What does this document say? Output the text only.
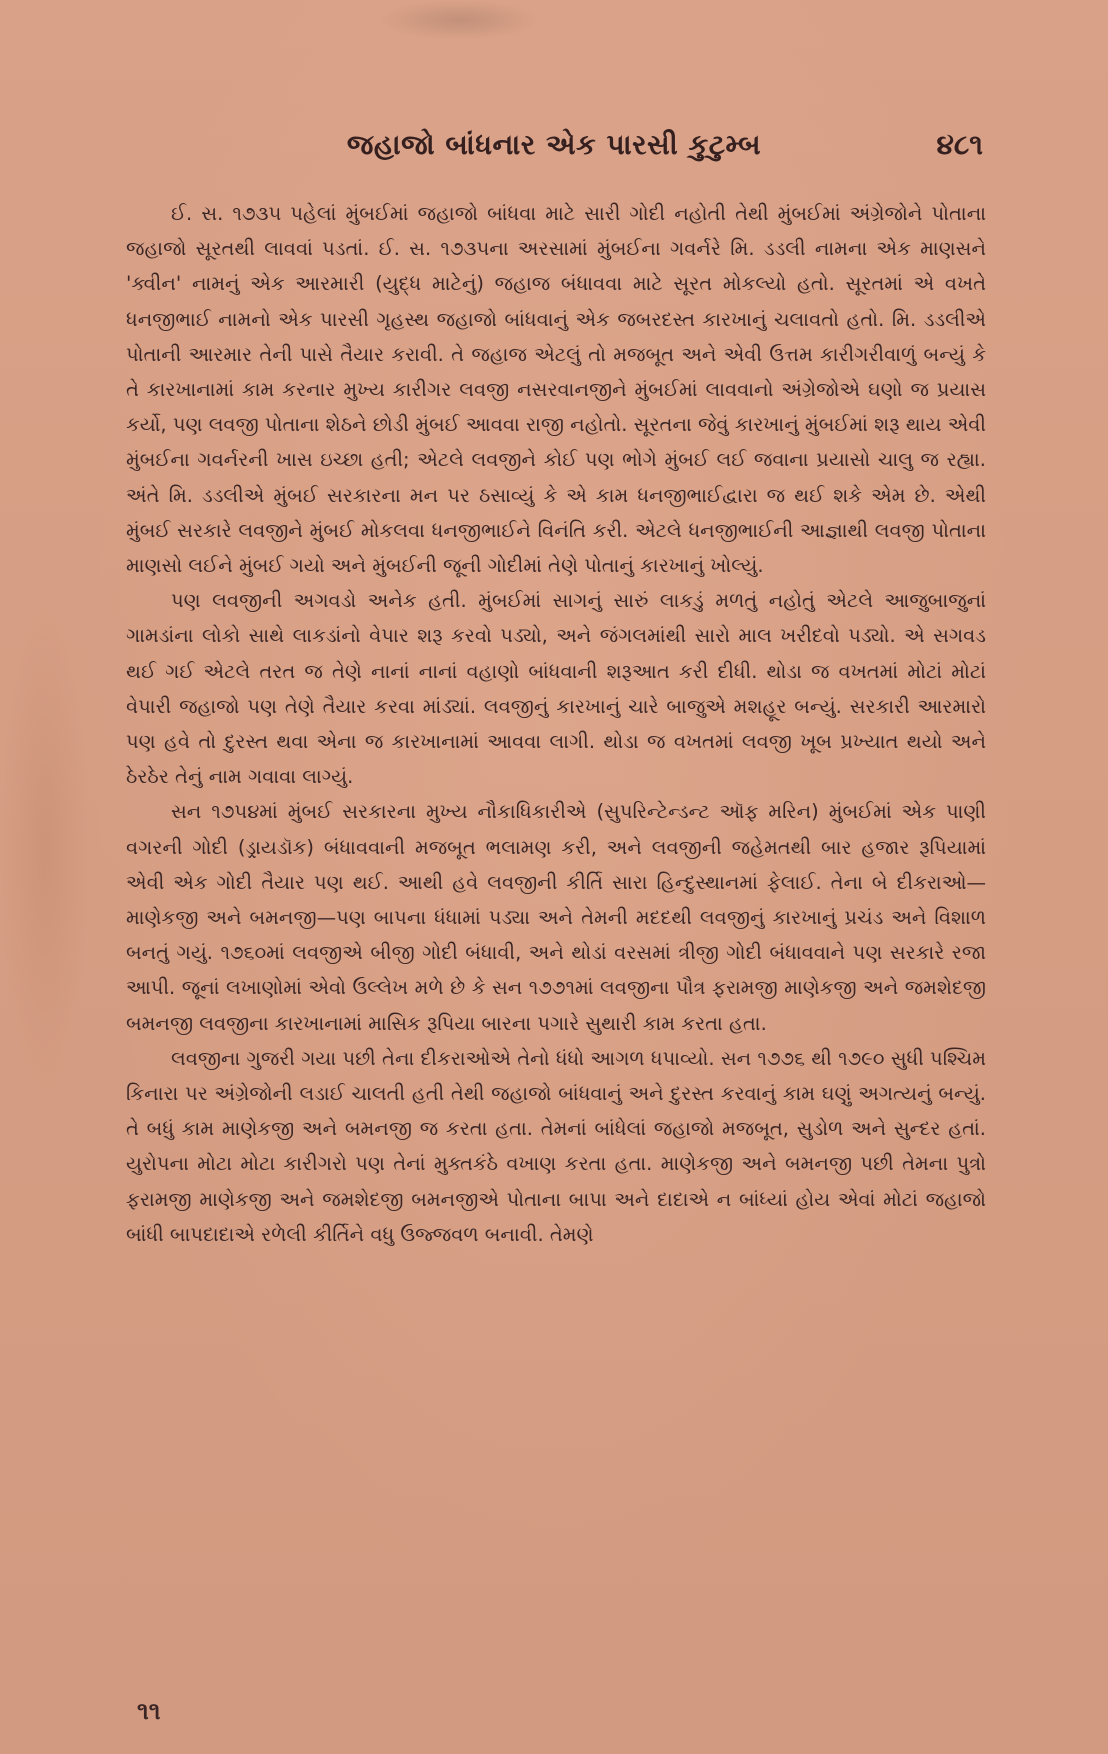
જહાજો બાંધનાર એક પારસી કુટુમ્બ	૪૮૧

ઈ. સ. ૧૭૩૫ પહેલાં મુંબઈમાં જહાજો બાંધવા માટે સારી ગોદી નહોતી તેથી મુંબઈમાં અંગ્રેજોને પોતાના જહાજો સૂરતથી લાવવાં પડતાં. ઈ. સ. ૧૭૩૫ના અરસામાં મુંબઈના ગવર્નરે મિ. ડડલી નામના એક માણસને 'ક્વીન' નામનું એક આરમારી (યુદ્ધ માટેનું) જહાજ બંધાવવા માટે સૂરત મોકલ્યો હતો. સૂરતમાં એ વખતે ધનજીભાઈ નામનો એક પારસી ગૃહસ્થ જહાજો બાંધવાનું એક જબરદસ્ત કારખાનું ચલાવતો હતો. મિ. ડડલીએ પોતાની આરમાર તેની પાસે તૈયાર કરાવી. તે જહાજ એટલું તો મજબૂત અને એવી ઉત્તમ કારીગરીવાળું બન્યું કે તે કારખાનામાં કામ કરનાર મુખ્ય કારીગર લવજી નસરવાનજીને મુંબઈમાં લાવવાનો અંગ્રેજોએ ઘણો જ પ્રયાસ કર્યો, પણ લવજી પોતાના શેઠને છોડી મુંબઈ આવવા રાજી નહોતો. સૂરતના જેવું કારખાનું મુંબઈમાં શરૂ થાય એવી મુંબઈના ગવર્નરની ખાસ ઇચ્છા હતી; એટલે લવજીને કોઈ પણ ભોગે મુંબઈ લઈ જવાના પ્રયાસો ચાલુ જ રહ્યા. અંતે મિ. ડડલીએ મુંબઈ સરકારના મન પર ઠસાવ્યું કે એ કામ ધનજીભાઈદ્વારા જ થઈ શકે એમ છે. એથી મુંબઈ સરકારે લવજીને મુંબઈ મોકલવા ધનજીભાઈને વિનંતિ કરી. એટલે ધનજીભાઈની આજ્ઞાથી લવજી પોતાના માણસો લઈને મુંબઈ ગયો અને મુંબઈની જૂની ગોદીમાં તેણે પોતાનું કારખાનું ખોલ્યું.

પણ લવજીની અગવડો અનેક હતી. મુંબઈમાં સાગનું સારું લાકડું મળતું નહોતું એટલે આજુબાજુનાં ગામડાંના લોકો સાથે લાકડાંનો વેપાર શરૂ કરવો પડ્યો, અને જંગલમાંથી સારો માલ ખરીદવો પડ્યો. એ સગવડ થઈ ગઈ એટલે તરત જ તેણે નાનાં નાનાં વહાણો બાંધવાની શરૂઆત કરી દીધી. થોડા જ વખતમાં મોટાં મોટાં વેપારી જહાજો પણ તેણે તૈયાર કરવા માંડ્યાં. લવજીનું કારખાનું ચારે બાજુએ મશહૂર બન્યું. સરકારી આરમારો પણ હવે તો દુરસ્ત થવા એના જ કારખાનામાં આવવા લાગી. થોડા જ વખતમાં લવજી ખૂબ પ્રખ્યાત થયો અને ઠેરઠેર તેનું નામ ગવાવા લાગ્યું.

સન ૧૭૫૪માં મુંબઈ સરકારના મુખ્ય નૌકાધિકારીએ (સુપરિન્ટેન્ડન્ટ ઑફ મરિન) મુંબઈમાં એક પાણી વગરની ગોદી (ડ્રાયડૉક) બંધાવવાની મજબૂત ભલામણ કરી, અને લવજીની જહેમતથી બાર હજાર રૂપિયામાં એવી એક ગોદી તૈયાર પણ થઈ. આથી હવે લવજીની કીર્તિ સારા હિન્દુસ્થાનમાં ફેલાઈ. તેના બે દીકરાઓ—માણેકજી અને બમનજી—પણ બાપના ધંધામાં પડ્યા અને તેમની મદદથી લવજીનું કારખાનું પ્રચંડ અને વિશાળ બનતું ગયું. ૧૭૬૦માં લવજીએ બીજી ગોદી બંધાવી, અને થોડાં વરસમાં ત્રીજી ગોદી બંધાવવાને પણ સરકારે રજા આપી. જૂનાં લખાણોમાં એવો ઉલ્લેખ મળે છે કે સન ૧૭૭૧માં લવજીના પૌત્ર ફરામજી માણેકજી અને જમશેદજી બમનજી લવજીના કારખાનામાં માસિક રૂપિયા બારના પગારે સુથારી કામ કરતા હતા.

લવજીના ગુજરી ગયા પછી તેના દીકરાઓએ તેનો ધંધો આગળ ધપાવ્યો. સન ૧૭૭૬ થી ૧૭૯૦ સુધી પશ્ચિમ કિનારા પર અંગ્રેજોની લડાઈ ચાલતી હતી તેથી જહાજો બાંધવાનું અને દુરસ્ત કરવાનું કામ ઘણું અગત્યનું બન્યું. તે બધું કામ માણેકજી અને બમનજી જ કરતા હતા. તેમનાં બાંધેલાં જહાજો મજબૂત, સુડોળ અને સુન્દર હતાં. યુરોપના મોટા મોટા કારીગરો પણ તેનાં મુક્તકંઠે વખાણ કરતા હતા. માણેકજી અને બમનજી પછી તેમના પુત્રો ફરામજી માણેકજી અને જમશેદજી બમનજીએ પોતાના બાપા અને દાદાએ ન બાંધ્યાં હોય એવાં મોટાં જહાજો બાંધી બાપદાદાએ રળેલી કીર્તિને વધુ ઉજ્જવળ બનાવી. તેમણે

૧૧
